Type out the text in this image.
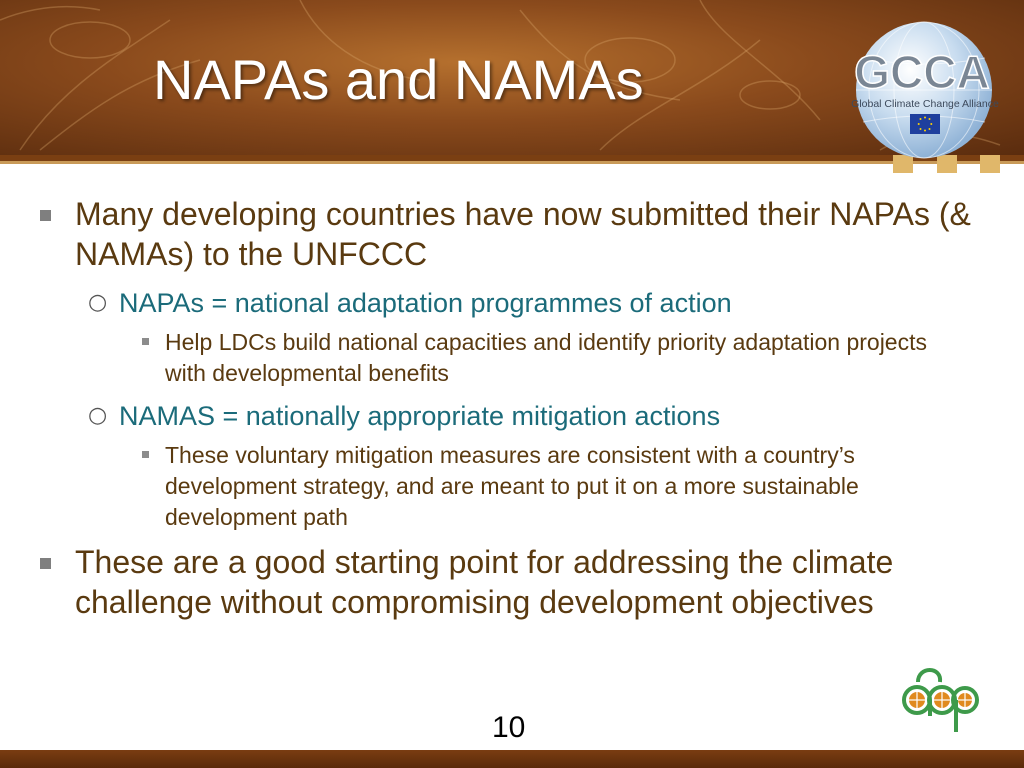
NAPAs and NAMAs	GCCA
Global Climate Change Alliance

Many developing countries have now submitted their NAPAs (& NAMAs) to the UNFCCC

○ NAPAs = national adaptation programmes of action

Help LDCs build national capacities and identify priority adaptation projects with developmental benefits

○ NAMAS = nationally appropriate mitigation actions

These voluntary mitigation measures are consistent with a country’s development strategy, and are meant to put it on a more sustainable development path

These are a good starting point for addressing the climate challenge without compromising development objectives

10
